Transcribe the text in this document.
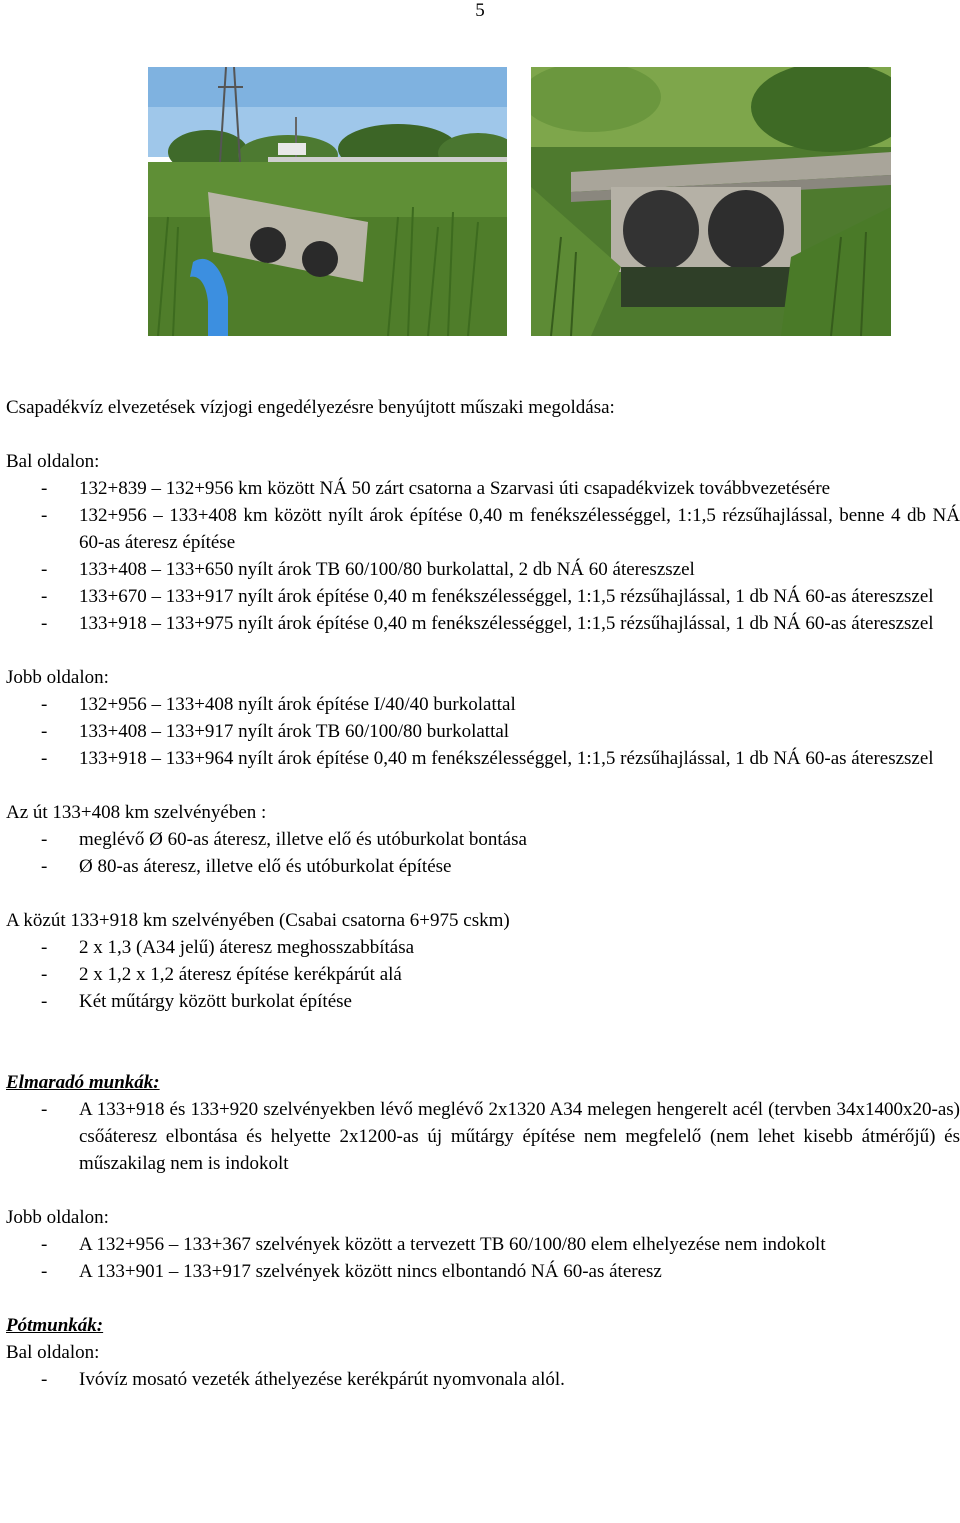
5

Csapadékvíz elvezetések vízjogi engedélyezésre benyújtott műszaki megoldása:

Bal oldalon:

- 132+839 – 132+956 km között NÁ 50 zárt csatorna a Szarvasi úti csapadékvizek továbbvezetésére
- 132+956 – 133+408 km között nyílt árok építése 0,40 m fenékszélességgel, 1:1,5 rézsűhajlással, benne 4 db NÁ 60-as áteresz építése
- 133+408 – 133+650 nyílt árok TB 60/100/80 burkolattal, 2 db NÁ 60 átereszszel
- 133+670 – 133+917 nyílt árok építése 0,40 m fenékszélességgel, 1:1,5 rézsűhajlással, 1 db NÁ 60-as átereszszel
- 133+918 – 133+975 nyílt árok építése 0,40 m fenékszélességgel, 1:1,5 rézsűhajlással, 1 db NÁ 60-as átereszszel

Jobb oldalon:

- 132+956 – 133+408 nyílt árok építése I/40/40 burkolattal
- 133+408 – 133+917 nyílt árok TB 60/100/80 burkolattal
- 133+918 – 133+964 nyílt árok építése 0,40 m fenékszélességgel, 1:1,5 rézsűhajlással, 1 db NÁ 60-as átereszszel

Az út 133+408 km szelvényében :

- meglévő Ø 60-as áteresz, illetve elő és utóburkolat bontása
- Ø 80-as áteresz, illetve elő és utóburkolat építése

A közút 133+918 km szelvényében (Csabai csatorna 6+975 cskm)

- 2 x 1,3 (A34 jelű) áteresz meghosszabbítása
- 2 x 1,2 x 1,2 áteresz építése kerékpárút alá
- Két műtárgy között burkolat építése

Elmaradó munkák:

- A 133+918 és 133+920 szelvényekben lévő meglévő 2x1320 A34 melegen hengerelt acél (tervben 34x1400x20-as) csőáteresz elbontása és helyette 2x1200-as új műtárgy építése nem megfelelő (nem lehet kisebb átmérőjű) és műszakilag nem is indokolt

Jobb oldalon:

- A 132+956 – 133+367 szelvények között a tervezett TB 60/100/80 elem elhelyezése nem indokolt
- A 133+901 – 133+917 szelvények között nincs elbontandó NÁ 60-as áteresz

Pótmunkák:

Bal oldalon:

- Ivóvíz mosató vezeték áthelyezése kerékpárút nyomvonala alól.
